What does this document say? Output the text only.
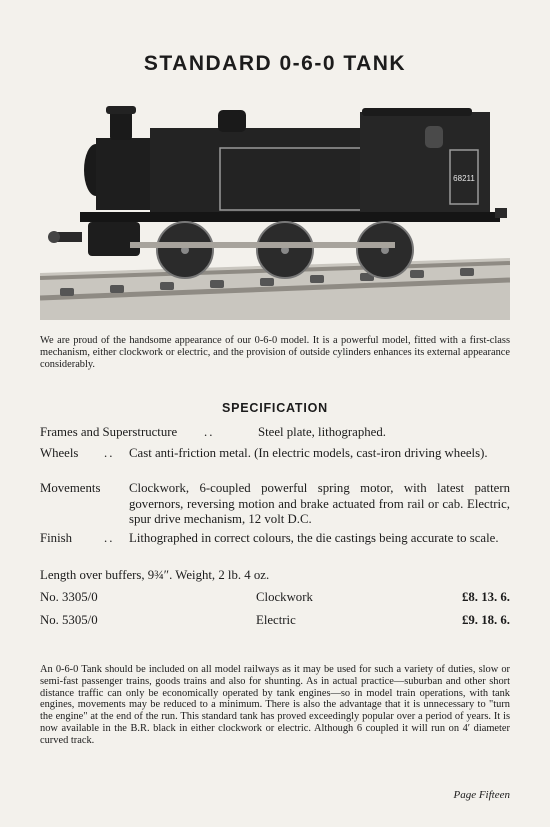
STANDARD 0-6-0 TANK
68211
We are proud of the handsome appearance of our 0-6-0 model. It is a powerful model, fitted with a first-class mechanism, either clockwork or electric, and the provision of outside cylinders enhances its external appearance considerably.
SPECIFICATION
Frames and Superstructure ..	Steel plate, lithographed.
Wheels .. Cast anti-friction metal. (In electric models, cast-iron driving wheels).
Movements Clockwork, 6-coupled powerful spring motor, with latest pattern governors, reversing motion and brake actuated from rail or cab. Electric, spur drive mechanism, 12 volt D.C.
Finish .. Lithographed in correct colours, the die castings being accurate to scale.
Length over buffers, 9¾″. Weight, 2 lb. 4 oz.
No. 3305/0	Clockwork	£8. 13. 6.
No. 5305/0	Electric	£9. 18. 6.
An 0-6-0 Tank should be included on all model railways as it may be used for such a variety of duties, slow or semi-fast passenger trains, goods trains and also for shunting. As in actual practice—suburban and other short distance traffic can only be economically operated by tank engines—so in model train operations, with tank engines, movements may be reduced to a minimum. There is also the advantage that it is unnecessary to "turn the engine" at the end of the run. This standard tank has proved exceedingly popular over a period of years. It is now available in the B.R. black in either clockwork or electric. Although 6 coupled it will run on 4′ diameter curved track.
Page Fifteen
